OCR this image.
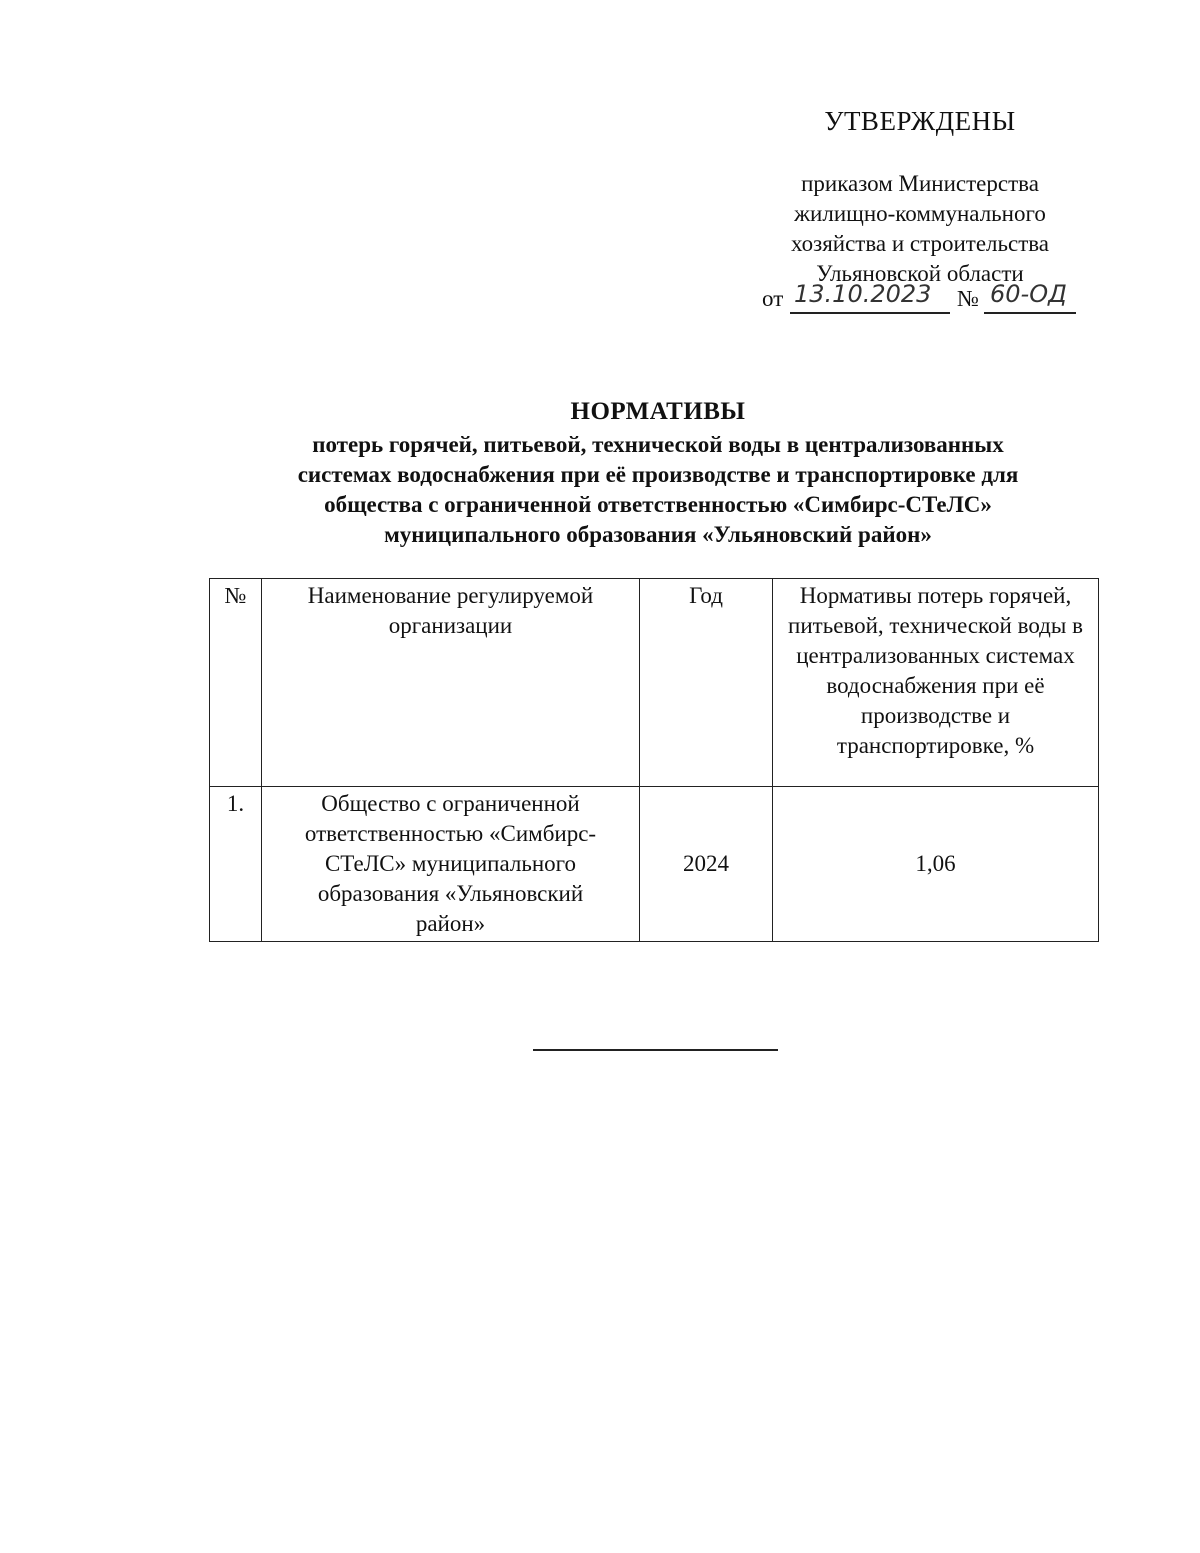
УТВЕРЖДЕНЫ
приказом Министерства
жилищно-коммунального
хозяйства и строительства
Ульяновской области
от 13.10.2023 № 60-ОД
НОРМАТИВЫ
потерь горячей, питьевой, технической воды в централизованных
системах водоснабжения при её производстве и транспортировке для
общества с ограниченной ответственностью «Симбирс-СТеЛС»
муниципального образования «Ульяновский район»
№	Наименование регулируемой организации	Год	Нормативы потерь горячей, питьевой, технической воды в централизованных системах водоснабжения при её производстве и транспортировке, %
1.	Общество с ограниченной ответственностью «Симбирс-СТеЛС» муниципального образования «Ульяновский район»	2024	1,06
